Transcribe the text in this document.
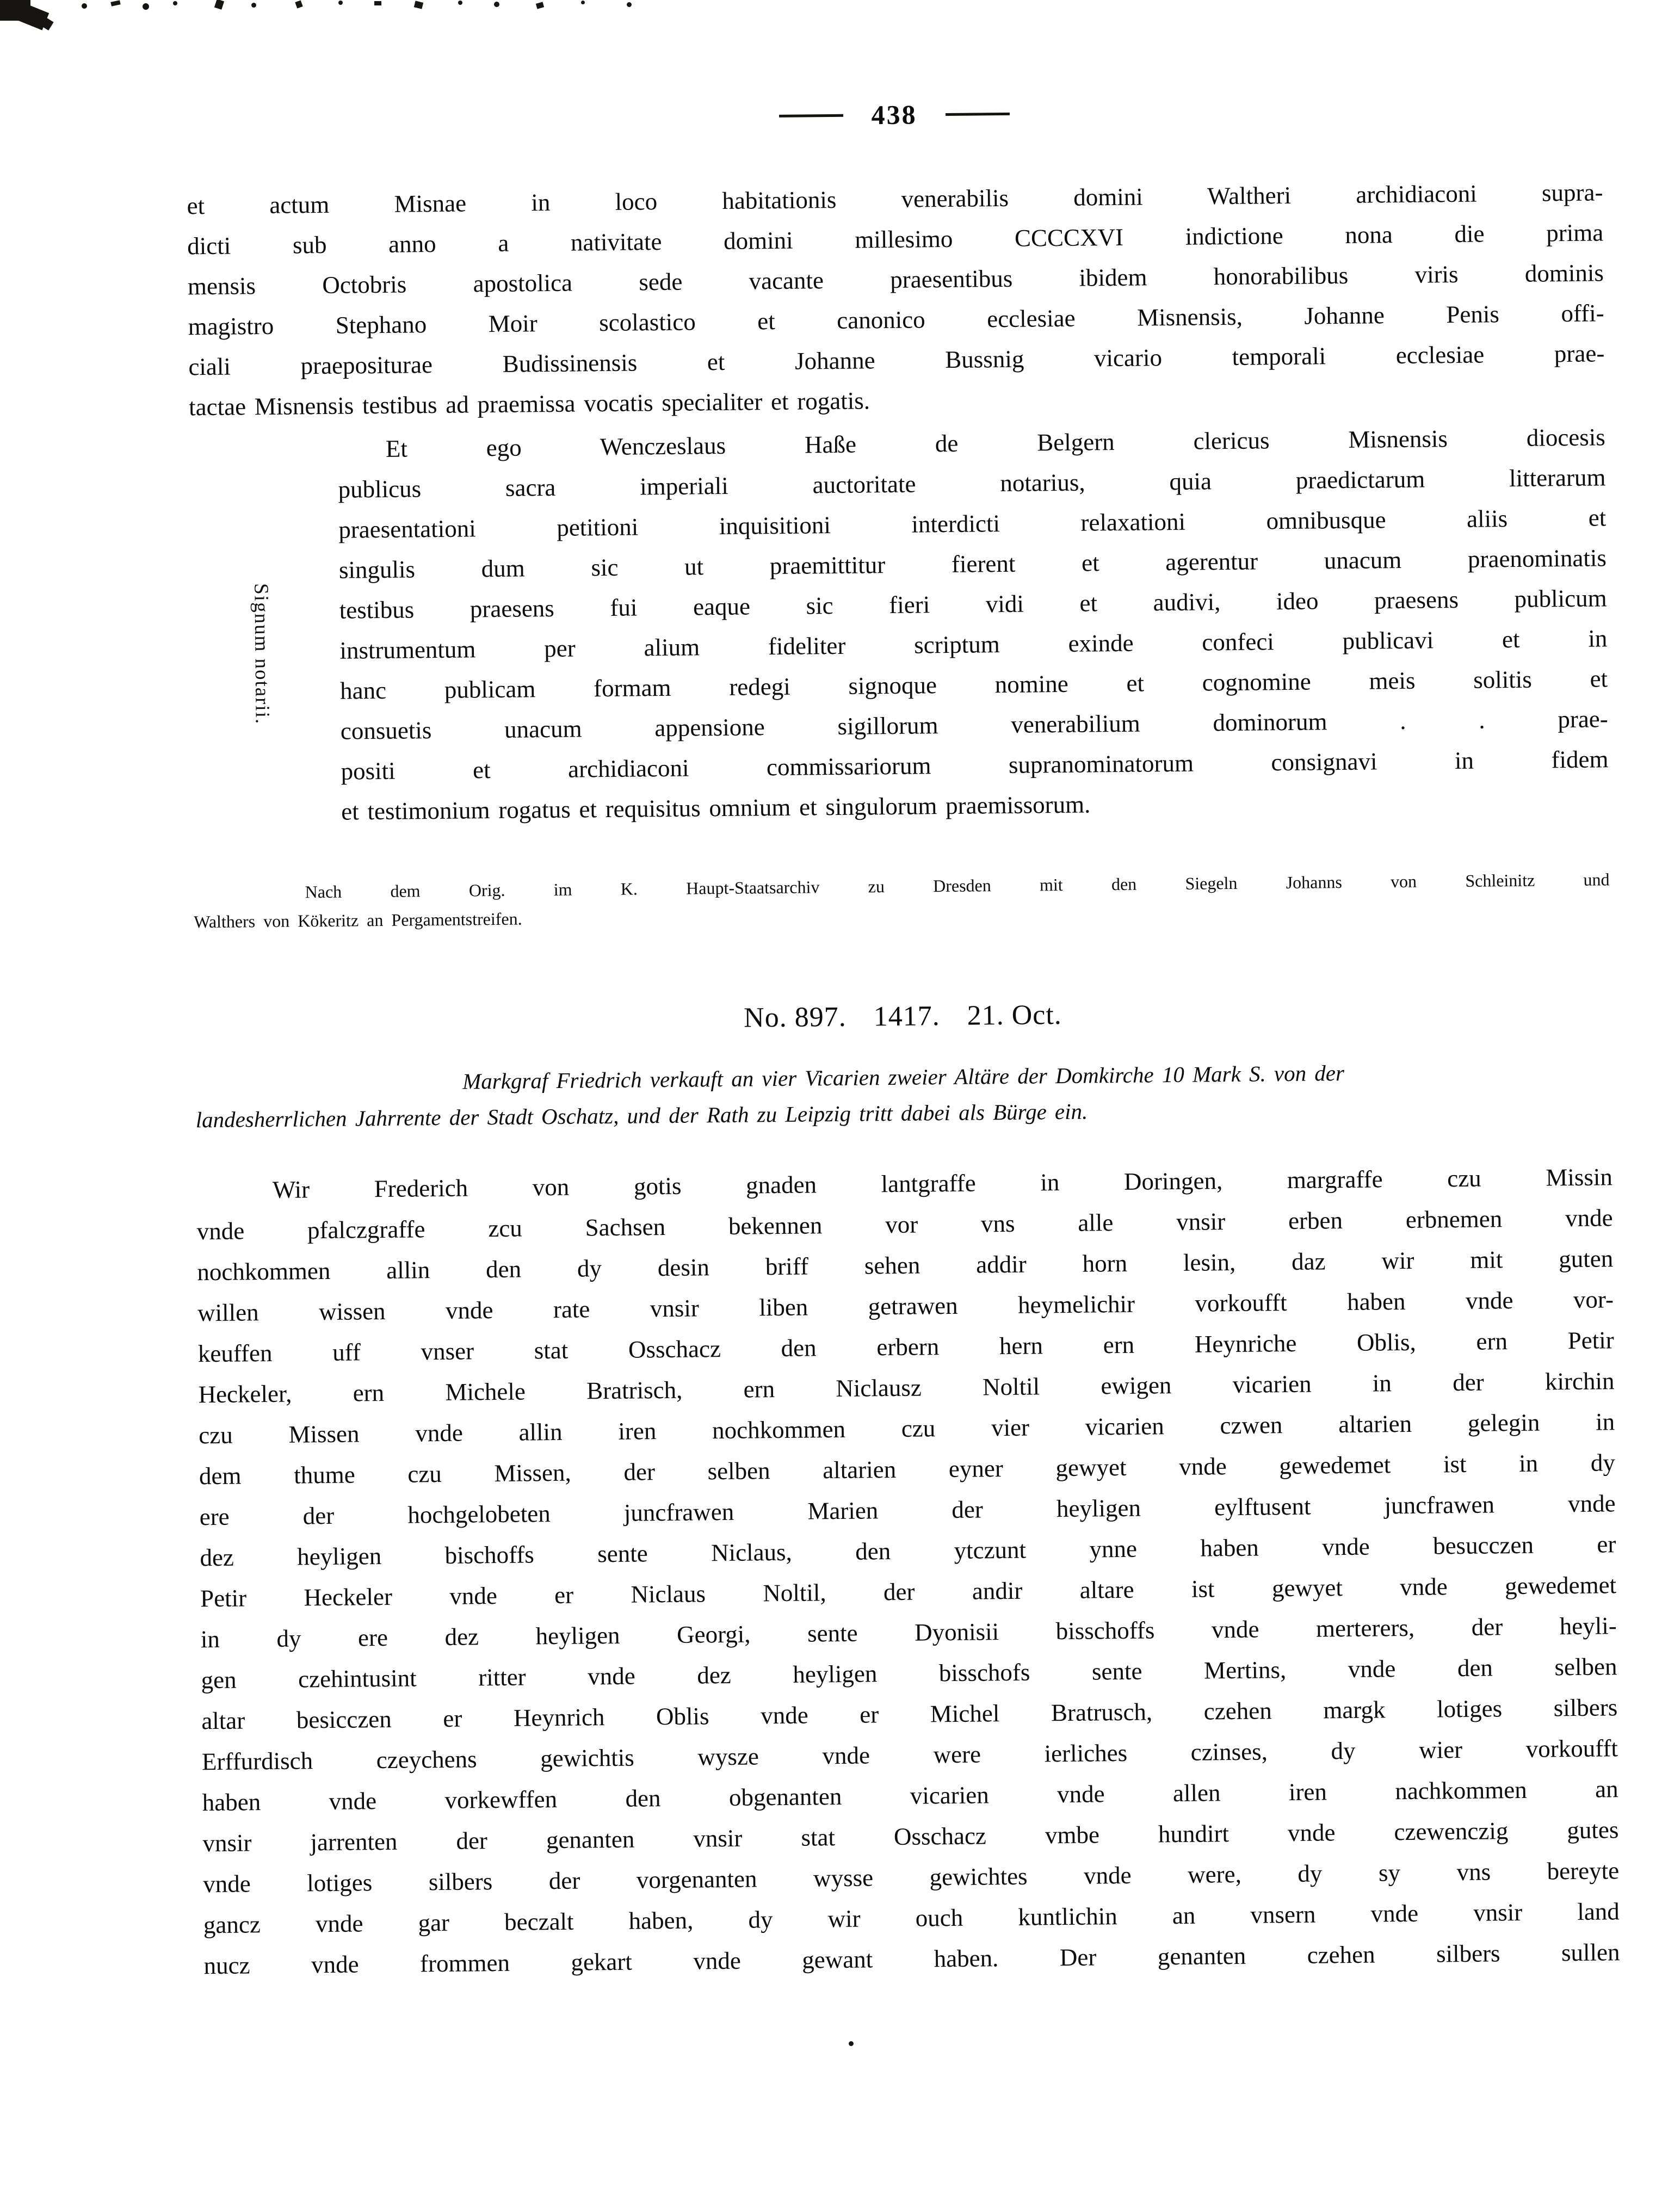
Signum notarii.
438
et actum Misnae in loco habitationis venerabilis domini Waltheri archidiaconi supra-
dicti sub anno a nativitate domini millesimo CCCCXVI indictione nona die prima
mensis Octobris apostolica sede vacante praesentibus ibidem honorabilibus viris dominis
magistro Stephano Moir scolastico et canonico ecclesiae Misnensis, Johanne Penis offi-
ciali praepositurae Budissinensis et Johanne Bussnig vicario temporali ecclesiae prae-
tactae Misnensis testibus ad praemissa vocatis specialiter et rogatis.
Et ego Wenczeslaus Haße de Belgern clericus Misnensis diocesis
publicus sacra imperiali auctoritate notarius, quia praedictarum litterarum
praesentationi petitioni inquisitioni interdicti relaxationi omnibusque aliis et
singulis dum sic ut praemittitur fierent et agerentur unacum praenominatis
testibus praesens fui eaque sic fieri vidi et audivi, ideo praesens publicum
instrumentum per alium fideliter scriptum exinde confeci publicavi et in
hanc publicam formam redegi signoque nomine et cognomine meis solitis et
consuetis unacum appensione sigillorum venerabilium dominorum . . prae-
positi et archidiaconi commissariorum supranominatorum consignavi in fidem
et testimonium rogatus et requisitus omnium et singulorum praemissorum.
Nach dem Orig. im K. Haupt-Staatsarchiv zu Dresden mit den Siegeln Johanns von Schleinitz und
Walthers von Kökeritz an Pergamentstreifen.
No. 897. 1417. 21. Oct.
Markgraf Friedrich verkauft an vier Vicarien zweier Altäre der Domkirche 10 Mark S. von der
landesherrlichen Jahrrente der Stadt Oschatz, und der Rath zu Leipzig tritt dabei als Bürge ein.
Wir Frederich von gotis gnaden lantgraffe in Doringen, margraffe czu Missin
vnde pfalczgraffe zcu Sachsen bekennen vor vns alle vnsir erben erbnemen vnde
nochkommen allin den dy desin briff sehen addir horn lesin, daz wir mit guten
willen wissen vnde rate vnsir liben getrawen heymelichir vorkoufft haben vnde vor-
keuffen uff vnser stat Osschacz den erbern hern ern Heynriche Oblis, ern Petir
Heckeler, ern Michele Bratrisch, ern Niclausz Noltil ewigen vicarien in der kirchin
czu Missen vnde allin iren nochkommen czu vier vicarien czwen altarien gelegin in
dem thume czu Missen, der selben altarien eyner gewyet vnde gewedemet ist in dy
ere der hochgelobeten juncfrawen Marien der heyligen eylftusent juncfrawen vnde
dez heyligen bischoffs sente Niclaus, den ytczunt ynne haben vnde besucczen er
Petir Heckeler vnde er Niclaus Noltil, der andir altare ist gewyet vnde gewedemet
in dy ere dez heyligen Georgi, sente Dyonisii bisschoffs vnde merterers, der heyli-
gen czehintusint ritter vnde dez heyligen bisschofs sente Mertins, vnde den selben
altar besicczen er Heynrich Oblis vnde er Michel Bratrusch, czehen margk lotiges silbers
Erffurdisch czeychens gewichtis wysze vnde were ierliches czinses, dy wier vorkoufft
haben vnde vorkewffen den obgenanten vicarien vnde allen iren nachkommen an
vnsir jarrenten der genanten vnsir stat Osschacz vmbe hundirt vnde czewenczig gutes
vnde lotiges silbers der vorgenanten wysse gewichtes vnde were, dy sy vns bereyte
gancz vnde gar beczalt haben, dy wir ouch kuntlichin an vnsern vnde vnsir land
nucz vnde frommen gekart vnde gewant haben. Der genanten czehen silbers sullen
